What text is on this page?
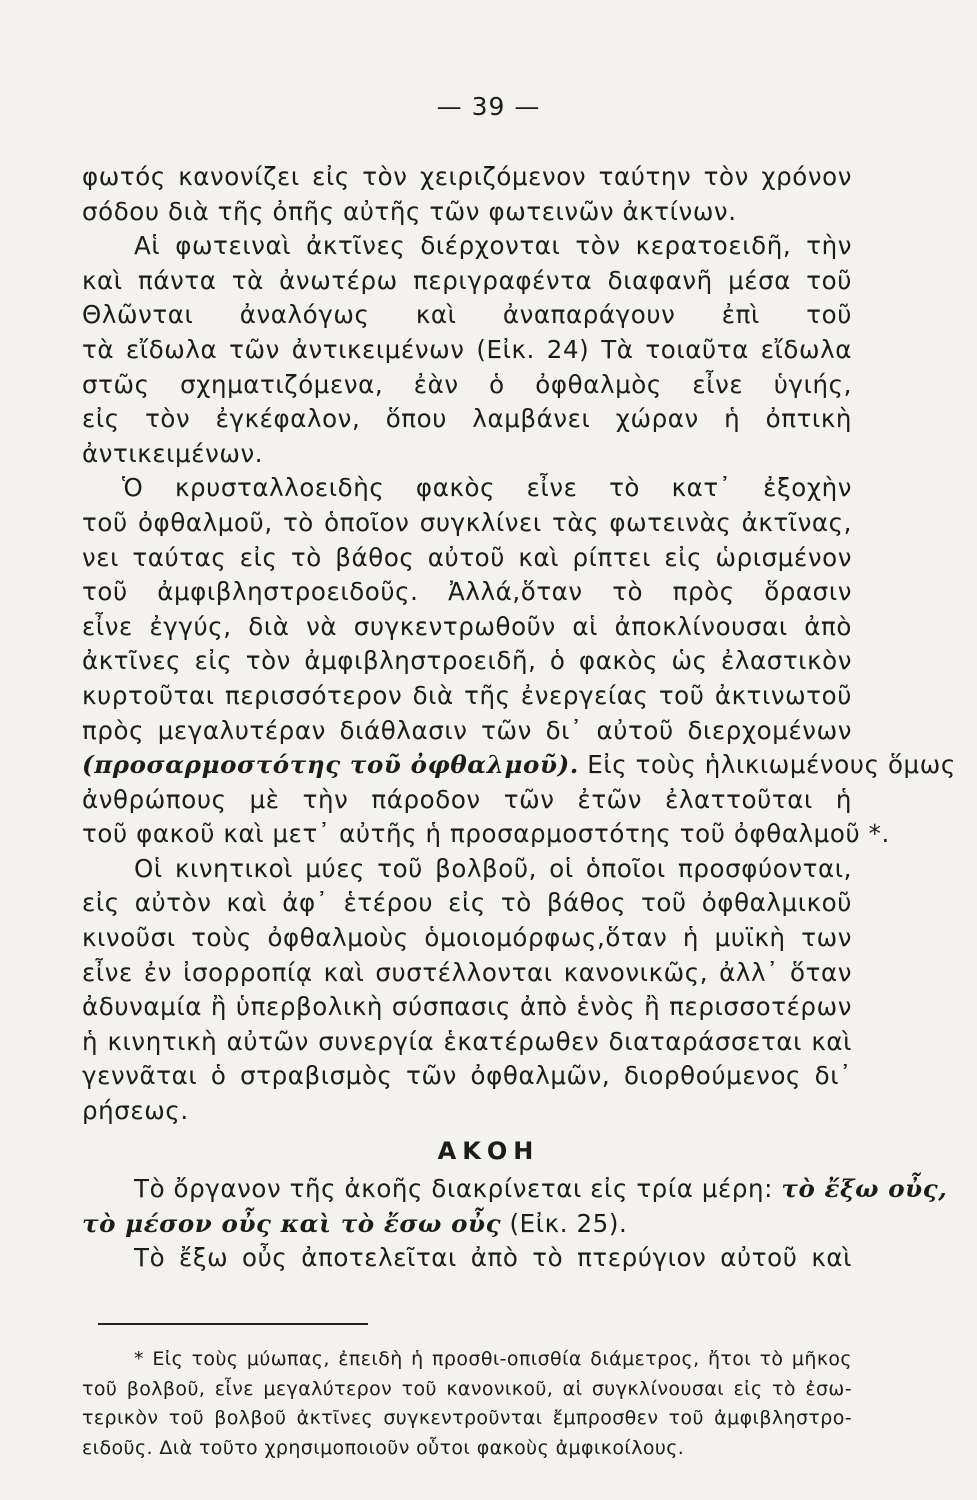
— 39 —
φωτός κανονίζει εἰς τὸν χειριζόμενον ταύτην τὸν χρόνον
σόδου διὰ τῆς ὀπῆς αὐτῆς τῶν φωτεινῶν ἀκτίνων.
Αἱ φωτειναὶ ἀκτῖνες διέρχονται τὸν κερατοειδῆ, τὴν
καὶ πάντα τὰ ἀνωτέρω περιγραφέντα διαφανῆ μέσα τοῦ
Θλῶνται ἀναλόγως καὶ ἀναπαράγουν ἐπὶ τοῦ
τὰ εἴδωλα τῶν ἀντικειμένων (Εἰκ. 24) Τὰ τοιαῦτα εἴδωλα
στῶς σχηματιζόμενα, ἐὰν ὁ ὀφθαλμὸς εἶνε ὑγιής,
εἰς τὸν ἐγκέφαλον, ὅπου λαμβάνει χώραν ἡ ὀπτικὴ
ἀντικειμένων.
Ὁ κρυσταλλοειδὴς φακὸς εἶνε τὸ κατ᾽ ἐξοχὴν
τοῦ ὀφθαλμοῦ, τὸ ὁποῖον συγκλίνει τὰς φωτεινὰς ἀκτῖνας,
νει ταύτας εἰς τὸ βάθος αὐτοῦ καὶ ρίπτει εἰς ὡρισμένον
τοῦ ἀμφιβληστροειδοῦς. Ἀλλά,ὅταν τὸ πρὸς ὅρασιν
εἶνε ἐγγύς, διὰ νὰ συγκεντρωθοῦν αἱ ἀποκλίνουσαι ἀπὸ
ἀκτῖνες εἰς τὸν ἀμφιβληστροειδῆ, ὁ φακὸς ὡς ἐλαστικὸν
κυρτοῦται περισσότερον διὰ τῆς ἐνεργείας τοῦ ἀκτινωτοῦ
πρὸς μεγαλυτέραν διάθλασιν τῶν δι᾽ αὐτοῦ διερχομένων
(προσαρμοστότης τοῦ ὀφθαλμοῦ). Εἰς τοὺς ἡλικιωμένους ὅμως
ἀνθρώπους μὲ τὴν πάροδον τῶν ἐτῶν ἐλαττοῦται ἡ
τοῦ φακοῦ καὶ μετ᾽ αὐτῆς ἡ προσαρμοστότης τοῦ ὀφθαλμοῦ *.
Οἱ κινητικοὶ μύες τοῦ βολβοῦ, οἱ ὁποῖοι προσφύονται,
εἰς αὐτὸν καὶ ἀφ᾽ ἑτέρου εἰς τὸ βάθος τοῦ ὀφθαλμικοῦ
κινοῦσι τοὺς ὀφθαλμοὺς ὁμοιομόρφως,ὅταν ἡ μυϊκὴ των
εἶνε ἐν ἰσορροπίᾳ καὶ συστέλλονται κανονικῶς, ἀλλ᾽ ὅταν
ἀδυναμία ἢ ὑπερβολικὴ σύσπασις ἀπὸ ἑνὸς ἢ περισσοτέρων
ἡ κινητικὴ αὐτῶν συνεργία ἑκατέρωθεν διαταράσσεται καὶ
γεννᾶται ὁ στραβισμὸς τῶν ὀφθαλμῶν, διορθούμενος δι᾽
ρήσεως.
ΑΚΟΗ
Τὸ ὄργανον τῆς ἀκοῆς διακρίνεται εἰς τρία μέρη: τὸ ἔξω οὖς,
τὸ μέσον οὖς καὶ τὸ ἔσω οὖς (Εἰκ. 25).
Τὸ ἔξω οὖς ἀποτελεῖται ἀπὸ τὸ πτερύγιον αὐτοῦ καὶ
* Εἰς τοὺς μύωπας, ἐπειδὴ ἡ προσθι-οπισθία διάμετρος, ἤτοι τὸ μῆκος
τοῦ βολβοῦ, εἶνε μεγαλύτερον τοῦ κανονικοῦ, αἱ συγκλίνουσαι εἰς τὸ ἐσω-
τερικὸν τοῦ βολβοῦ ἀκτῖνες συγκεντροῦνται ἔμπροσθεν τοῦ ἀμφιβληστρο-
ειδοῦς. Διὰ τοῦτο χρησιμοποιοῦν οὗτοι φακοὺς ἀμφικοίλους.
